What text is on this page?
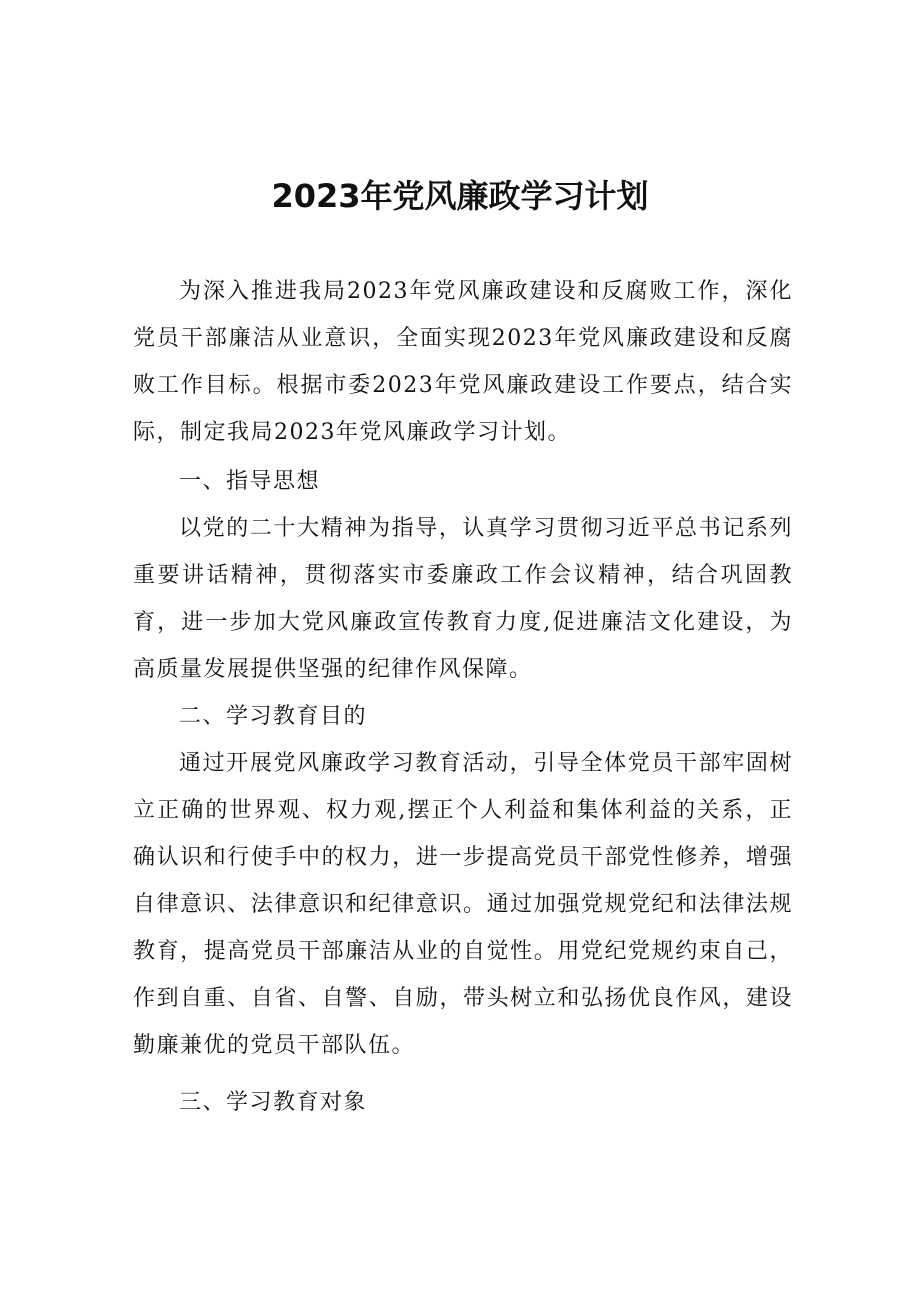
2023年党风廉政学习计划

为深入推进我局2023年党风廉政建设和反腐败工作，深化党员干部廉洁从业意识，全面实现2023年党风廉政建设和反腐败工作目标。根据市委2023年党风廉政建设工作要点，结合实际，制定我局2023年党风廉政学习计划。

一、指导思想

以党的二十大精神为指导，认真学习贯彻习近平总书记系列重要讲话精神，贯彻落实市委廉政工作会议精神，结合巩固教育，进一步加大党风廉政宣传教育力度,促进廉洁文化建设，为高质量发展提供坚强的纪律作风保障。

二、学习教育目的

通过开展党风廉政学习教育活动，引导全体党员干部牢固树立正确的世界观、权力观,摆正个人利益和集体利益的关系，正确认识和行使手中的权力，进一步提高党员干部党性修养，增强自律意识、法律意识和纪律意识。通过加强党规党纪和法律法规教育，提高党员干部廉洁从业的自觉性。用党纪党规约束自己，作到自重、自省、自警、自励，带头树立和弘扬优良作风，建设勤廉兼优的党员干部队伍。

三、学习教育对象
